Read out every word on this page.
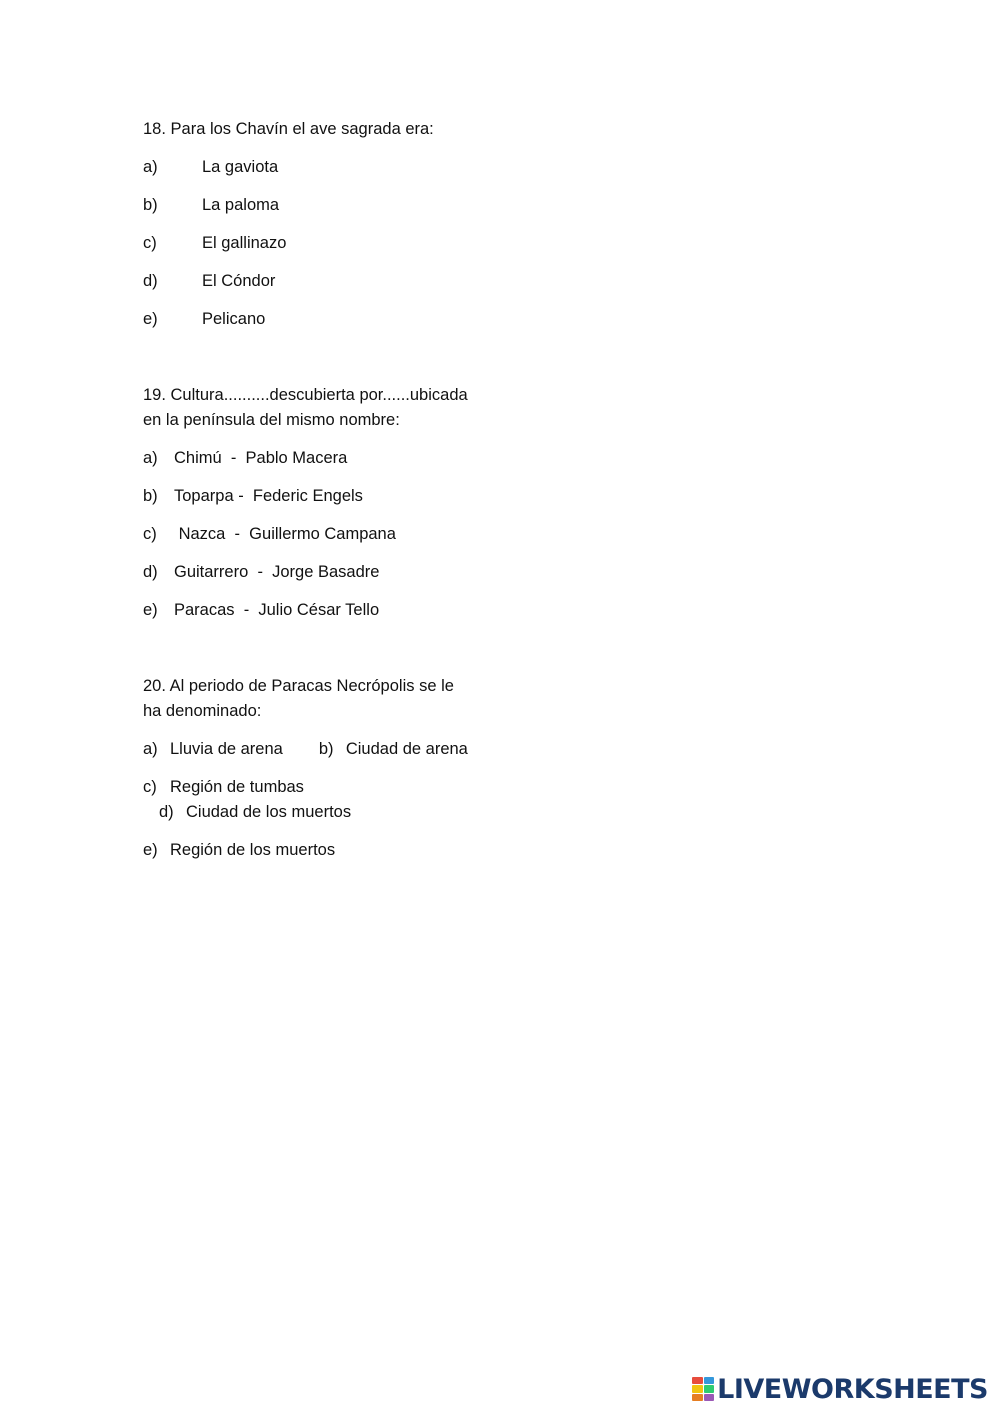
18. Para los Chavín el ave sagrada era:
a)	La gaviota
b)	La paloma
c)	El gallinazo
d)	El Cóndor
e)	Pelicano
19. Cultura..........descubierta por......ubicada en la península del mismo nombre:
a) Chimú  -  Pablo Macera
b) Toparpa -  Federic Engels
c) Nazca  -  Guillermo Campana
d) Guitarrero  -  Jorge Basadre
e) Paracas  -  Julio César Tello
20. Al periodo de Paracas Necrópolis se le ha denominado:
a) Lluvia de arena b) Ciudad de arena
c) Región de tumbasd) Ciudad de los muertos
e) Región de los muertos
LIVEWORKSHEETS
